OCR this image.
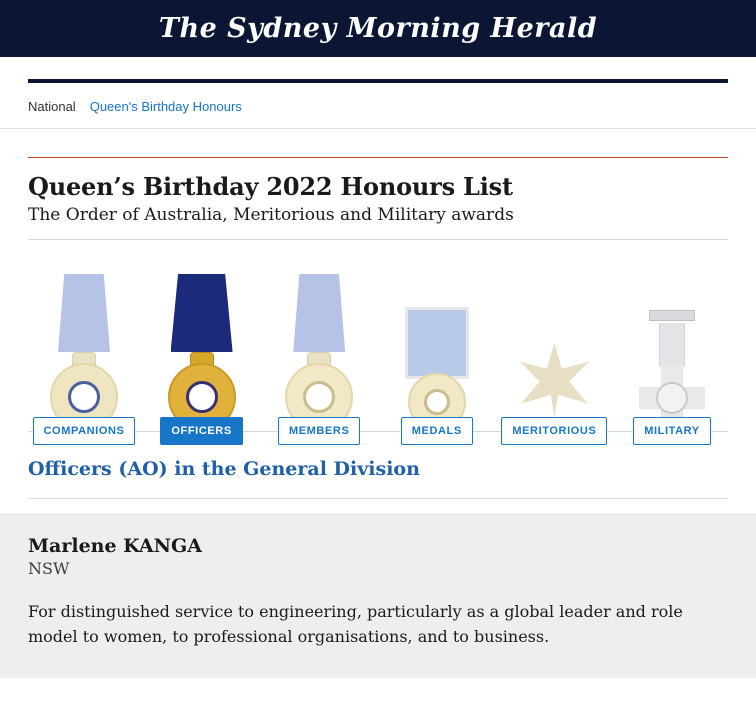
The Sydney Morning Herald
National Queen's Birthday Honours
Queen’s Birthday 2022 Honours List

The Order of Australia, Meritorious and Military awards

COMPANIONS	OFFICERS	MEMBERS	MEDALS	MERITORIOUS	MILITARY
Officers (AO) in the General Division

Marlene KANGA

NSW

For distinguished service to engineering, particularly as a global leader and role model to women, to professional organisations, and to business.
